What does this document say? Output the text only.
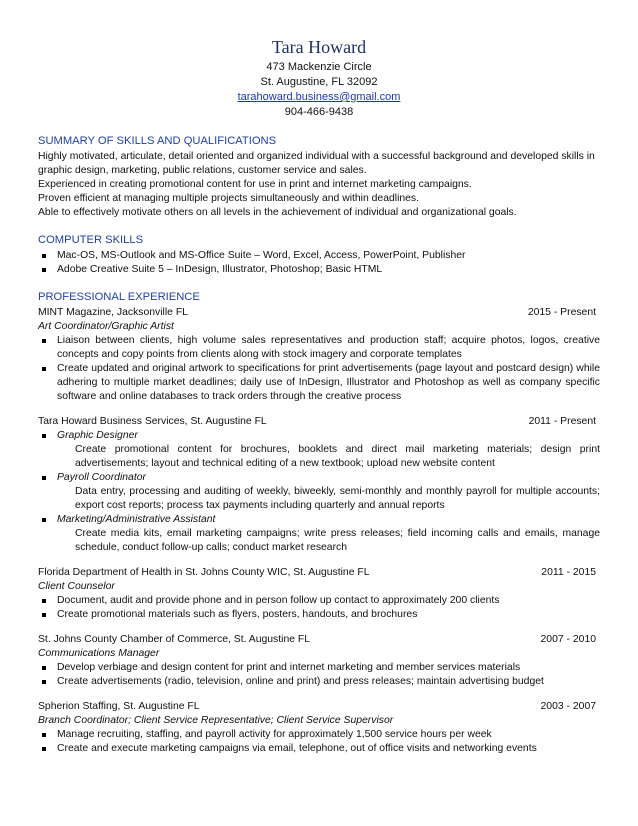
Tara Howard
473 Mackenzie Circle
St. Augustine, FL 32092
tarahoward.business@gmail.com
904-466-9438
SUMMARY OF SKILLS AND QUALIFICATIONS

Highly motivated, articulate, detail oriented and organized individual with a successful background and developed skills in graphic design, marketing, public relations, customer service and sales.

Experienced in creating promotional content for use in print and internet marketing campaigns.

Proven efficient at managing multiple projects simultaneously and within deadlines.

Able to effectively motivate others on all levels in the achievement of individual and organizational goals.

COMPUTER SKILLS
Mac-OS, MS-Outlook and MS-Office Suite – Word, Excel, Access, PowerPoint, Publisher
Adobe Creative Suite 5 – InDesign, Illustrator, Photoshop; Basic HTML
PROFESSIONAL EXPERIENCE
MINT Magazine, Jacksonville FL	2015 - Present
Art Coordinator/Graphic Artist
Liaison between clients, high volume sales representatives and production staff; acquire photos, logos, creative concepts and copy points from clients along with stock imagery and corporate templates
Create updated and original artwork to specifications for print advertisements (page layout and postcard design) while adhering to multiple market deadlines; daily use of InDesign, Illustrator and Photoshop as well as company specific software and online databases to track orders through the creative process
Tara Howard Business Services, St. Augustine FL	2011 - Present
Graphic Designer
Create promotional content for brochures, booklets and direct mail marketing materials; design print advertisements; layout and technical editing of a new textbook; upload new website content
Payroll Coordinator
Data entry, processing and auditing of weekly, biweekly, semi-monthly and monthly payroll for multiple accounts; export cost reports; process tax payments including quarterly and annual reports
Marketing/Administrative Assistant
Create media kits, email marketing campaigns; write press releases; field incoming calls and emails, manage schedule, conduct follow-up calls; conduct market research
Florida Department of Health in St. Johns County WIC, St. Augustine FL	2011 - 2015
Client Counselor
Document, audit and provide phone and in person follow up contact to approximately 200 clients
Create promotional materials such as flyers, posters, handouts, and brochures
St. Johns County Chamber of Commerce, St. Augustine FL	2007 - 2010
Communications Manager
Develop verbiage and design content for print and internet marketing and member services materials
Create advertisements (radio, television, online and print) and press releases; maintain advertising budget
Spherion Staffing, St. Augustine FL	2003 - 2007
Branch Coordinator; Client Service Representative; Client Service Supervisor
Manage recruiting, staffing, and payroll activity for approximately 1,500 service hours per week
Create and execute marketing campaigns via email, telephone, out of office visits and networking events
